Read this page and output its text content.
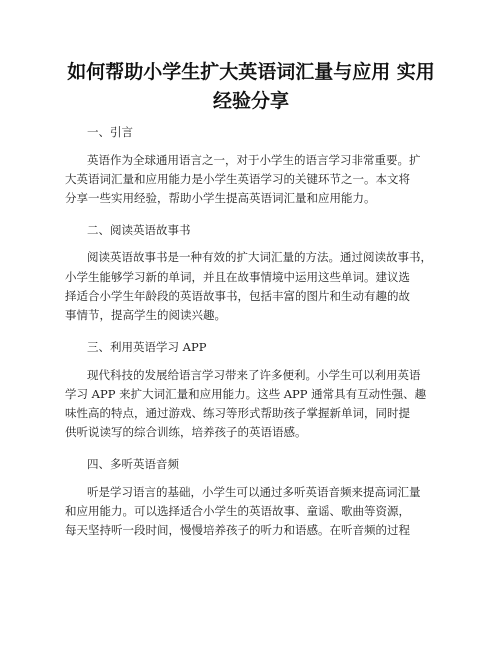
如何帮助小学生扩大英语词汇量与应用 实用
经验分享
一、引言
英语作为全球通用语言之一，对于小学生的语言学习非常重要。扩
大英语词汇量和应用能力是小学生英语学习的关键环节之一。本文将
分享一些实用经验，帮助小学生提高英语词汇量和应用能力。
二、阅读英语故事书
阅读英语故事书是一种有效的扩大词汇量的方法。通过阅读故事书，
小学生能够学习新的单词，并且在故事情境中运用这些单词。建议选
择适合小学生年龄段的英语故事书，包括丰富的图片和生动有趣的故
事情节，提高学生的阅读兴趣。
三、利用英语学习 APP
现代科技的发展给语言学习带来了许多便利。小学生可以利用英语
学习 APP 来扩大词汇量和应用能力。这些 APP 通常具有互动性强、趣
味性高的特点，通过游戏、练习等形式帮助孩子掌握新单词，同时提
供听说读写的综合训练，培养孩子的英语语感。
四、多听英语音频
听是学习语言的基础，小学生可以通过多听英语音频来提高词汇量
和应用能力。可以选择适合小学生的英语故事、童谣、歌曲等资源，
每天坚持听一段时间，慢慢培养孩子的听力和语感。在听音频的过程
